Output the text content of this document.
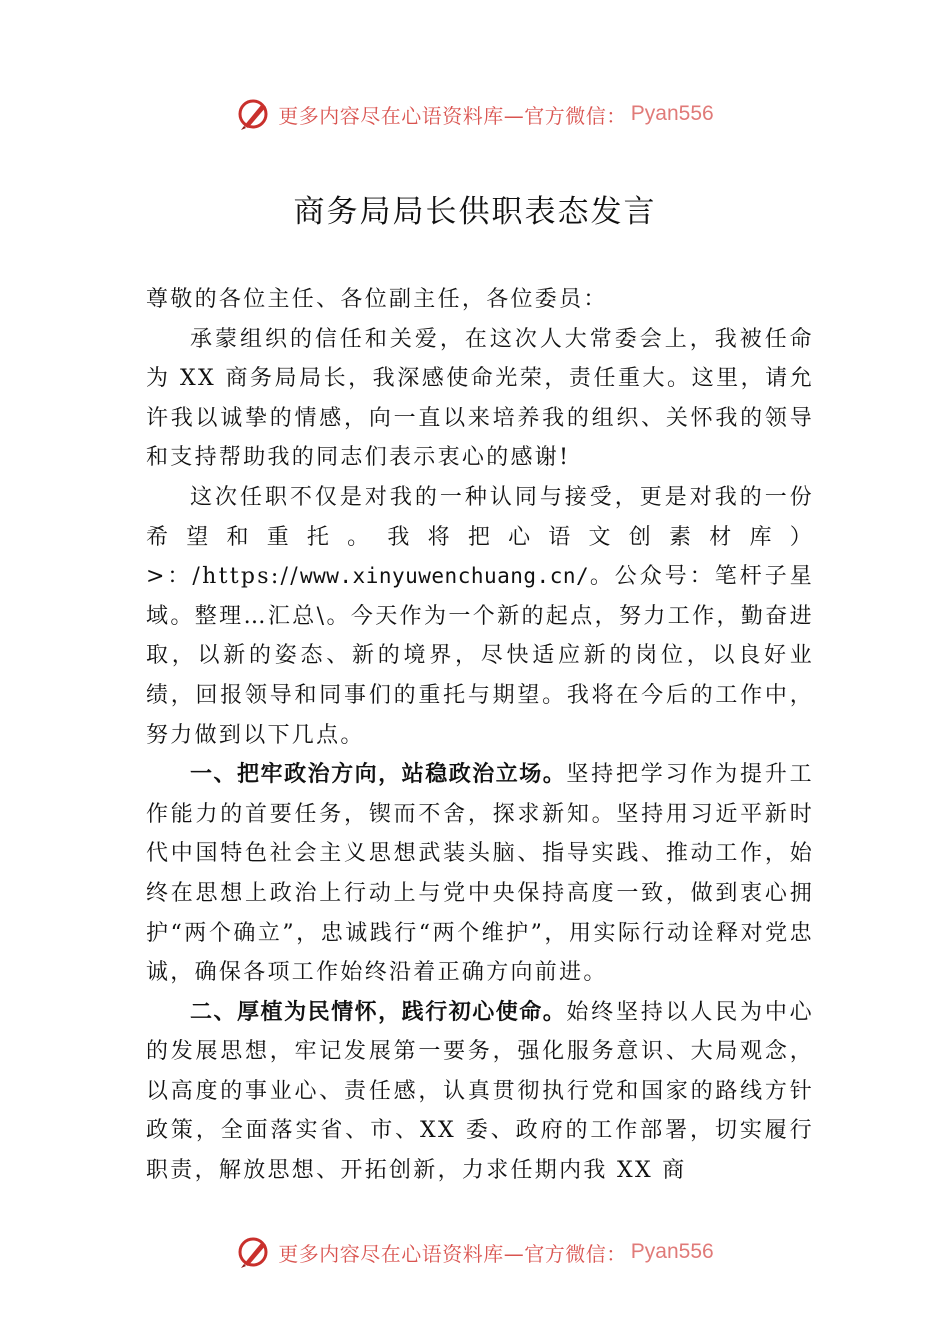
更多内容尽在心语资料库—官方微信： Pyan556
商务局局长供职表态发言

尊敬的各位主任、各位副主任，各位委员：

承蒙组织的信任和关爱，在这次人大常委会上，我被任命为 XX 商务局局长，我深感使命光荣，责任重大。这里，请允许我以诚挚的情感，向一直以来培养我的组织、关怀我的领导和支持帮助我的同志们表示衷心的感谢!

这次任职不仅是对我的一种认同与接受，更是对我的一份希望和重托。我将把心语文创素材库）>：/https://www.xinyuwenchuang.cn/。公众号：笔杆子星域。整理…汇总\。今天作为一个新的起点，努力工作，勤奋进取，以新的姿态、新的境界，尽快适应新的岗位，以良好业绩，回报领导和同事们的重托与期望。我将在今后的工作中，努力做到以下几点。

一、把牢政治方向，站稳政治立场。坚持把学习作为提升工作能力的首要任务，锲而不舍，探求新知。坚持用习近平新时代中国特色社会主义思想武装头脑、指导实践、推动工作，始终在思想上政治上行动上与党中央保持高度一致，做到衷心拥护“两个确立”，忠诚践行“两个维护”，用实际行动诠释对党忠诚，确保各项工作始终沿着正确方向前进。

二、厚植为民情怀，践行初心使命。始终坚持以人民为中心的发展思想，牢记发展第一要务，强化服务意识、大局观念，以高度的事业心、责任感，认真贯彻执行党和国家的路线方针政策，全面落实省、市、XX 委、政府的工作部署，切实履行职责，解放思想、开拓创新，力求任期内我 XX 商

更多内容尽在心语资料库—官方微信： Pyan556
